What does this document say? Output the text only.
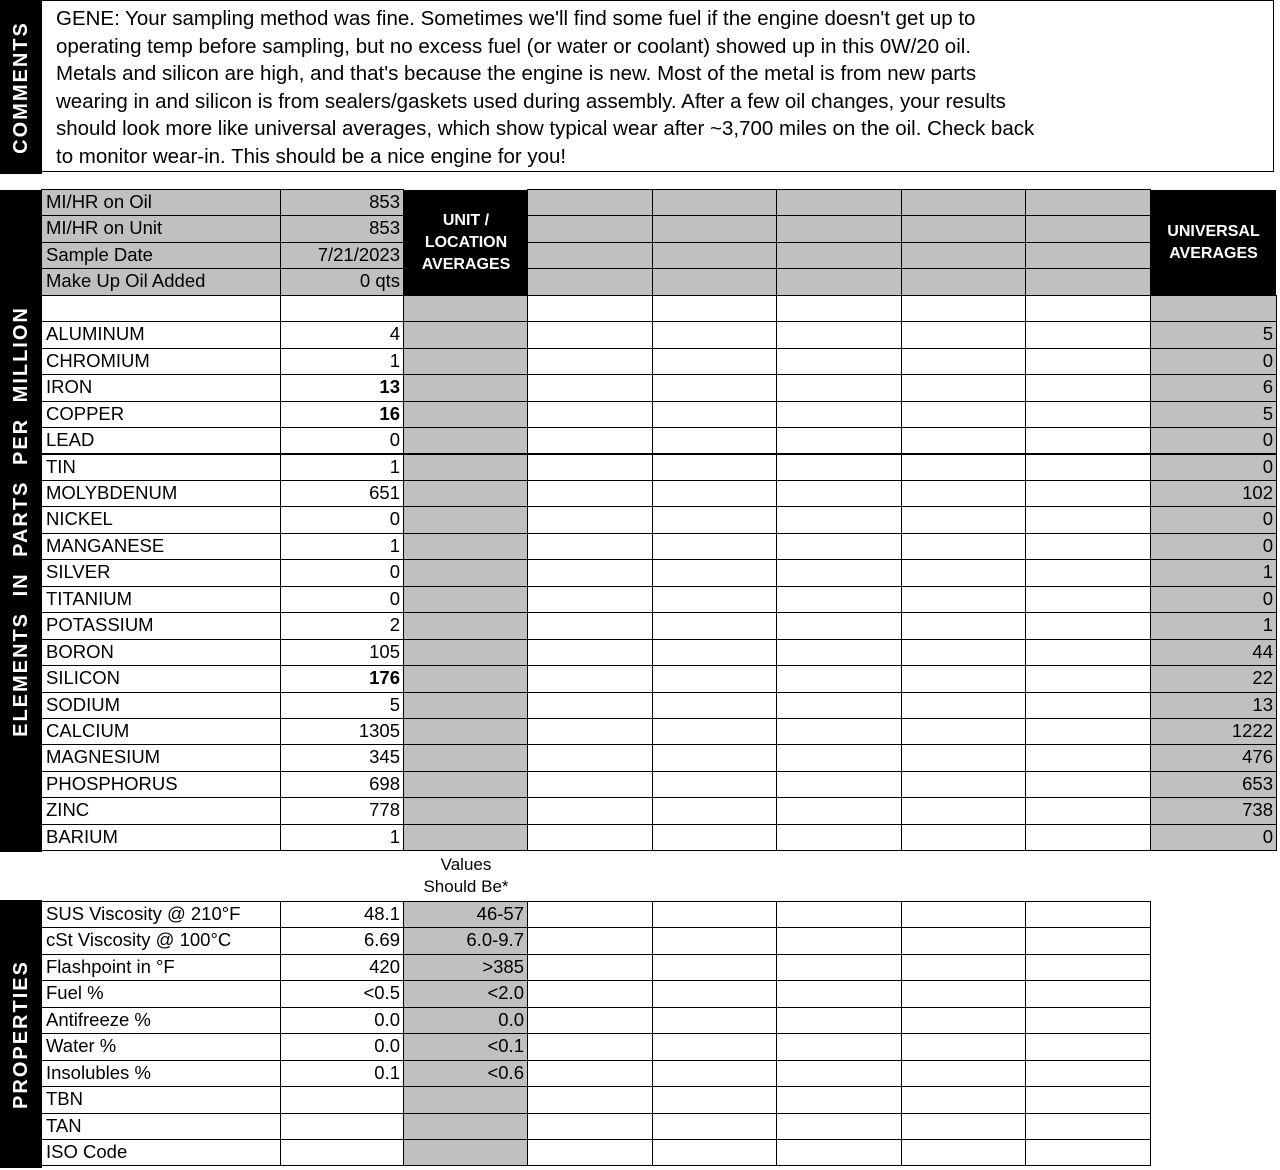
COMMENTS
ELEMENTS IN PARTS PER MILLION
PROPERTIES
GENE: Your sampling method was fine. Sometimes we'll find some fuel if the engine doesn't get up to
operating temp before sampling, but no excess fuel (or water or coolant) showed up in this 0W/20 oil.
Metals and silicon are high, and that's because the engine is new. Most of the metal is from new parts
wearing in and silicon is from sealers/gaskets used during assembly. After a few oil changes, your results
should look more like universal averages, which show typical wear after ~3,700 miles on the oil. Check back
to monitor wear-in. This should be a nice engine for you!
UNIT /
LOCATION
AVERAGES
UNIVERSAL
AVERAGES
Values
Should Be*
MI/HR on Oil	853
MI/HR on Unit	853
Sample Date	7/21/2023
Make Up Oil Added	0 qts
ALUMINUM	4	5
CHROMIUM	1	0
IRON	13	6
COPPER	16	5
LEAD	0	0
TIN	1	0
MOLYBDENUM	651	102
NICKEL	0	0
MANGANESE	1	0
SILVER	0	1
TITANIUM	0	0
POTASSIUM	2	1
BORON	105	44
SILICON	176	22
SODIUM	5	13
CALCIUM	1305	1222
MAGNESIUM	345	476
PHOSPHORUS	698	653
ZINC	778	738
BARIUM	1	0
SUS Viscosity @ 210°F	48.1	46-57
cSt Viscosity @ 100°C	6.69	6.0-9.7
Flashpoint in °F	420	>385
Fuel %	<0.5	<2.0
Antifreeze %	0.0	0.0
Water %	0.0	<0.1
Insolubles %	0.1	<0.6
TBN
TAN
ISO Code
